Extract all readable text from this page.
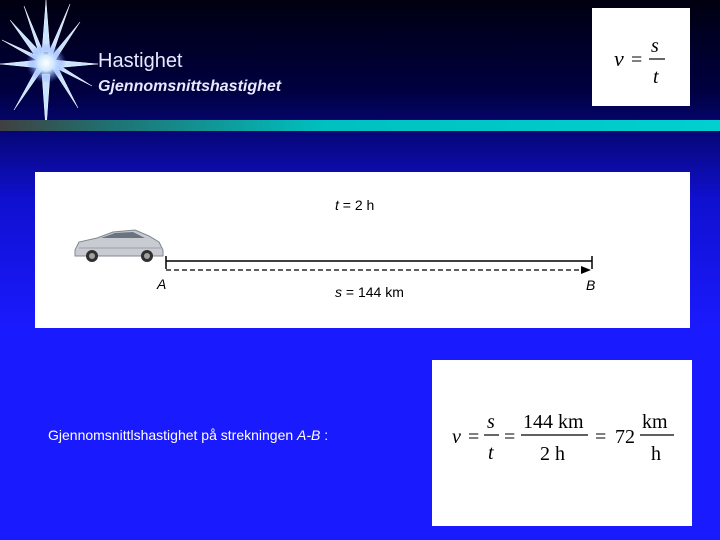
Hastighet
Gjennomsnittshastighet
v =
s
t
t = 2 h
A	B
s = 144 km
Gjennomsnittlshastighet på strekningen A-B :	v =
s
t
=
144 km
2 h
= 72
km
h
